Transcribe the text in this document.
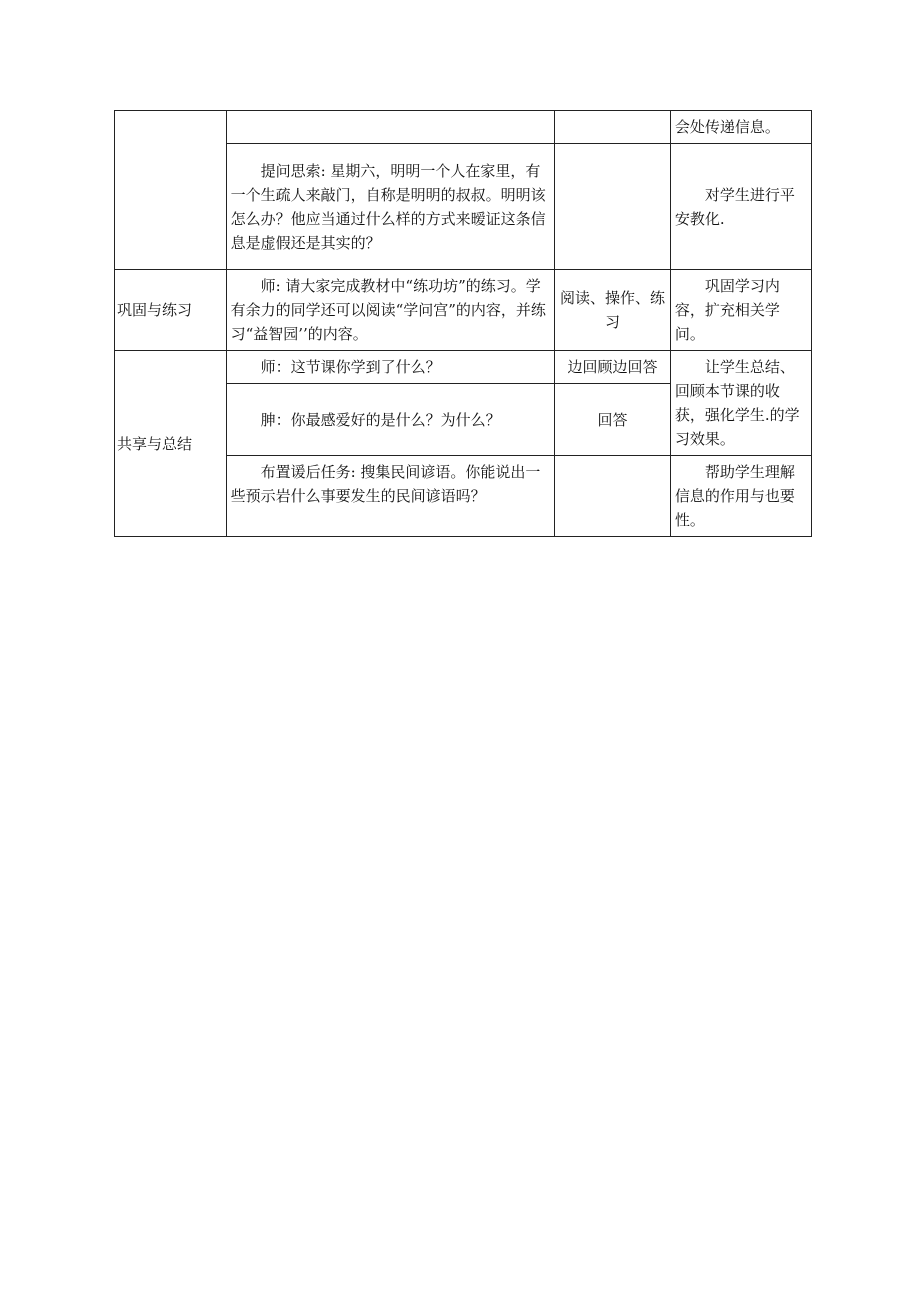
			会处传递信息。
	提问思索: 星期六，明明一个人在家里，有一个生疏人来敲门，自称是明明的叔叔。明明该怎么办？他应当通过什么样的方式来暧证这条信息是虚假还是其实的？		对学生进行平安教化.
巩固与练习	师: 请大家完成教材中“练功坊”的练习。学有余力的同学还可以阅读“学问宫”的内容，并练习“益智园’’的内容。	阅读、操作、练习	巩固学习内容，扩充相关学问。
共享与总结	师：这节课你学到了什么？	边回顾边回答	让学生总结、回顾本节课的收获，强化学生.的学习效果。
	胂：你最感爱好的是什么？为什么？	回答	
	布置谖后任务: 搜集民间谚语。你能说出一些预示岩什么事要发生的民间谚语吗？		帮助学生理解信息的作用与也要性。
